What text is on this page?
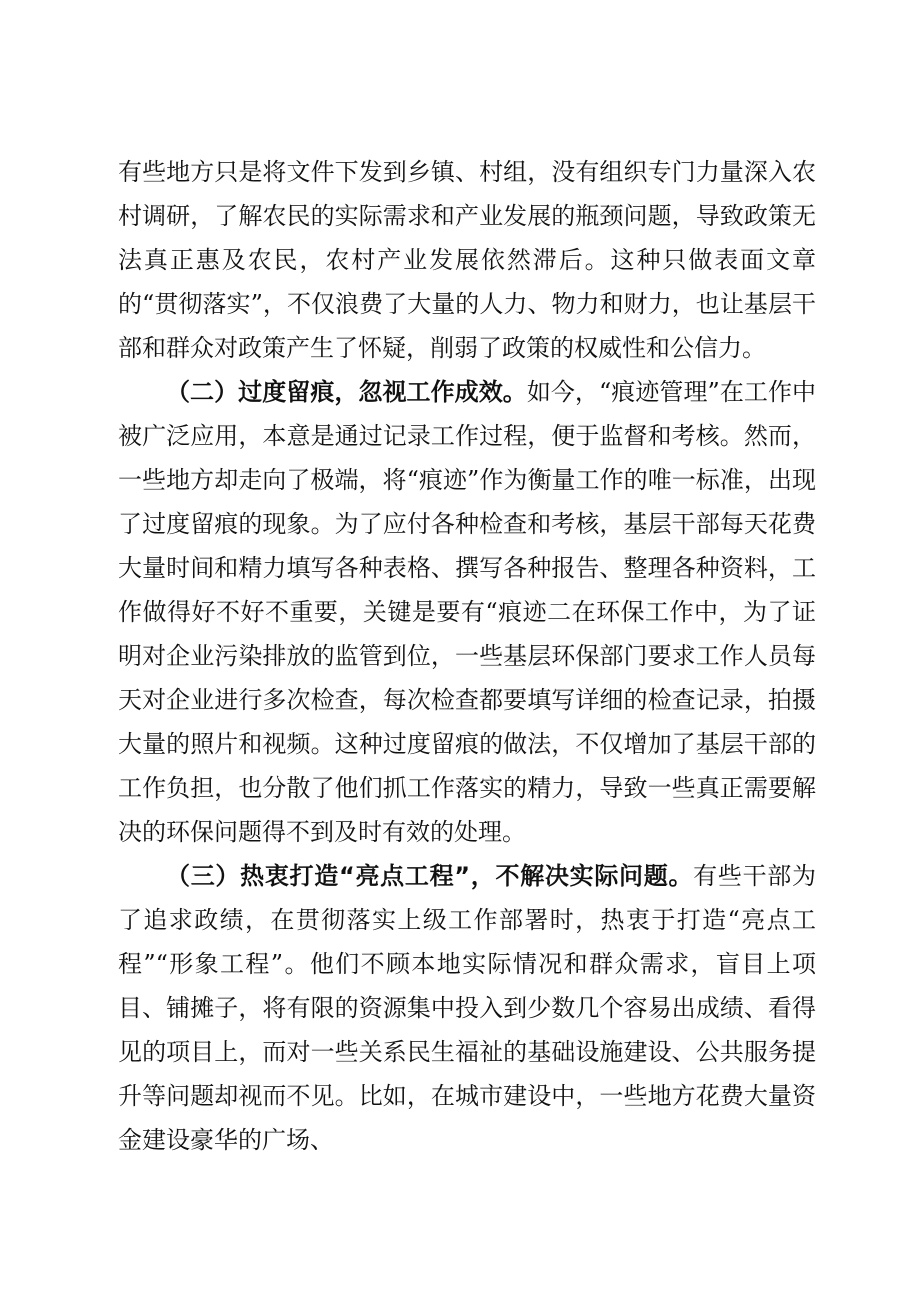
有些地方只是将文件下发到乡镇、村组，没有组织专门力量深入农村调研，了解农民的实际需求和产业发展的瓶颈问题，导致政策无法真正惠及农民，农村产业发展依然滞后。这种只做表面文章的“贯彻落实”，不仅浪费了大量的人力、物力和财力，也让基层干部和群众对政策产生了怀疑，削弱了政策的权威性和公信力。

（二）过度留痕，忽视工作成效。如今，“痕迹管理”在工作中被广泛应用，本意是通过记录工作过程，便于监督和考核。然而，一些地方却走向了极端，将“痕迹”作为衡量工作的唯一标准，出现了过度留痕的现象。为了应付各种检查和考核，基层干部每天花费大量时间和精力填写各种表格、撰写各种报告、整理各种资料，工作做得好不好不重要，关键是要有“痕迹二在环保工作中，为了证明对企业污染排放的监管到位，一些基层环保部门要求工作人员每天对企业进行多次检查，每次检查都要填写详细的检查记录，拍摄大量的照片和视频。这种过度留痕的做法，不仅增加了基层干部的工作负担，也分散了他们抓工作落实的精力，导致一些真正需要解决的环保问题得不到及时有效的处理。

（三）热衷打造“亮点工程”，不解决实际问题。有些干部为了追求政绩，在贯彻落实上级工作部署时，热衷于打造“亮点工程”“形象工程”。他们不顾本地实际情况和群众需求，盲目上项目、铺摊子，将有限的资源集中投入到少数几个容易出成绩、看得见的项目上，而对一些关系民生福祉的基础设施建设、公共服务提升等问题却视而不见。比如，在城市建设中，一些地方花费大量资金建设豪华的广场、
